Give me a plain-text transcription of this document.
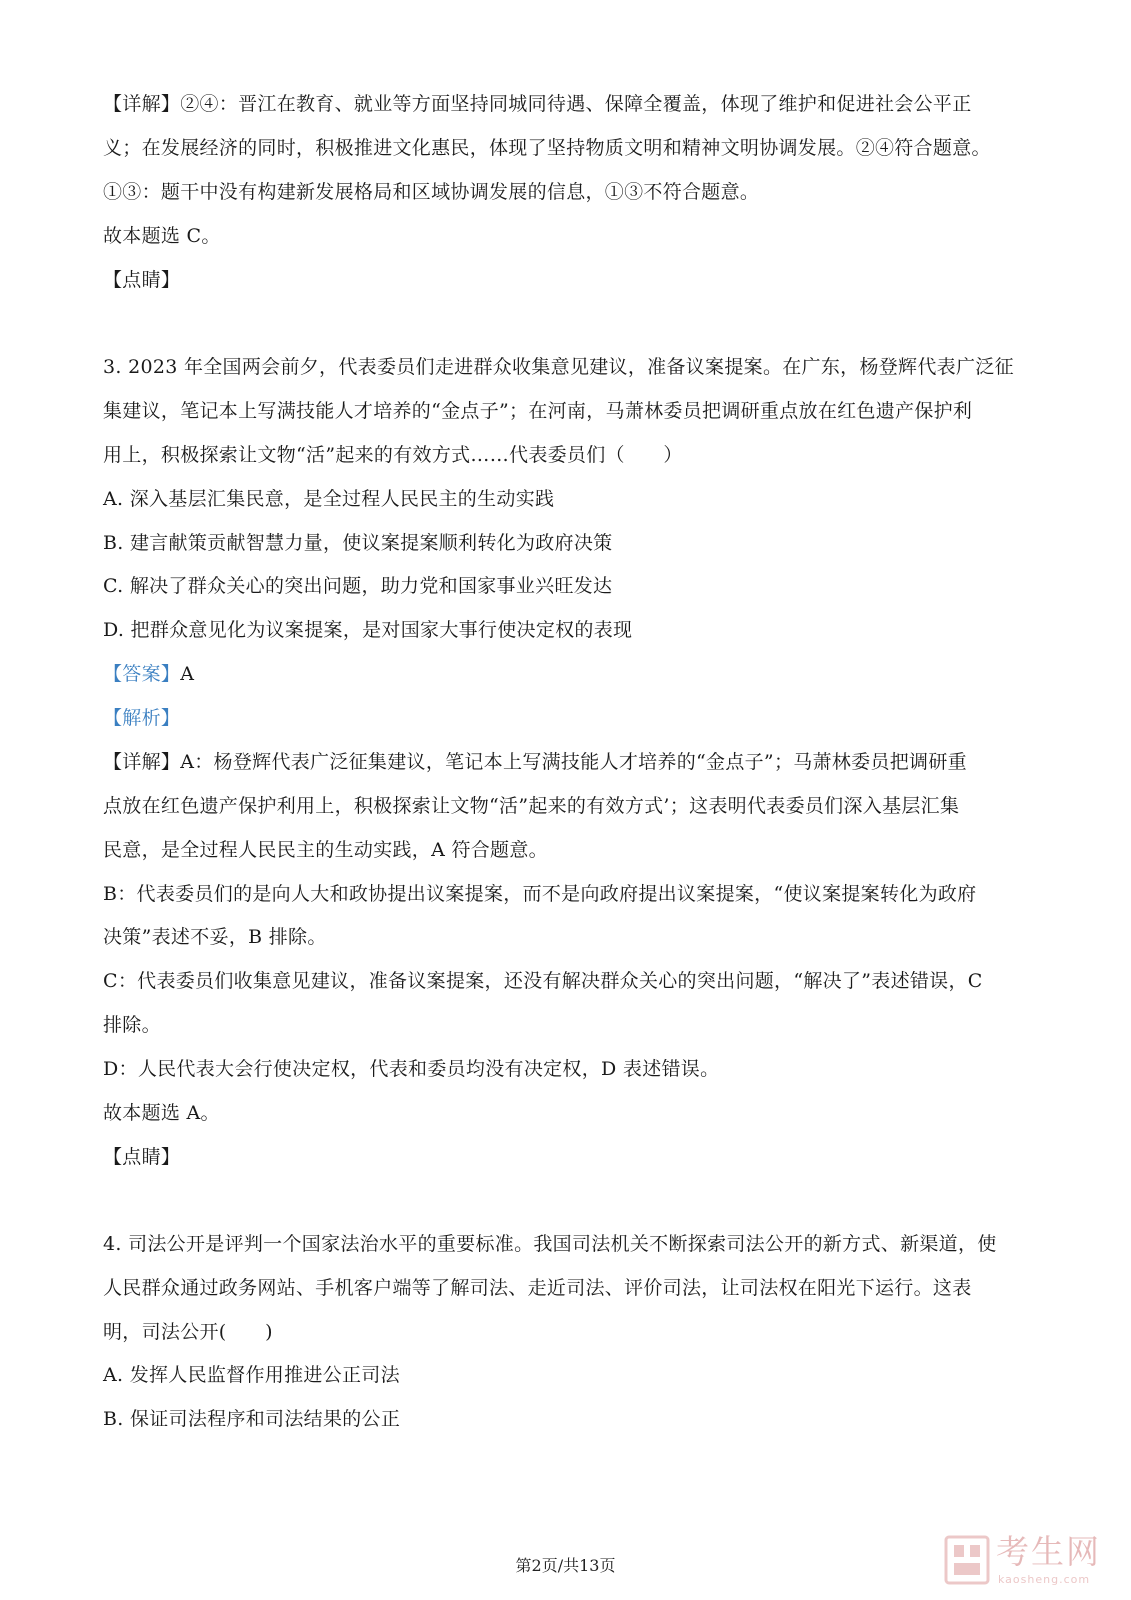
【详解】②④：晋江在教育、就业等方面坚持同城同待遇、保障全覆盖，体现了维护和促进社会公平正
义；在发展经济的同时，积极推进文化惠民，体现了坚持物质文明和精神文明协调发展。②④符合题意。
①③：题干中没有构建新发展格局和区域协调发展的信息，①③不符合题意。
故本题选 C。
【点睛】
3. 2023 年全国两会前夕，代表委员们走进群众收集意见建议，准备议案提案。在广东，杨登辉代表广泛征
集建议，笔记本上写满技能人才培养的“金点子”；在河南，马萧林委员把调研重点放在红色遗产保护利
用上，积极探索让文物“活”起来的有效方式……代表委员们（　　）
A. 深入基层汇集民意，是全过程人民民主的生动实践
B. 建言献策贡献智慧力量，使议案提案顺利转化为政府决策
C. 解决了群众关心的突出问题，助力党和国家事业兴旺发达
D. 把群众意见化为议案提案，是对国家大事行使决定权的表现
【答案】A
【解析】
【详解】A：杨登辉代表广泛征集建议，笔记本上写满技能人才培养的“金点子”；马萧林委员把调研重
点放在红色遗产保护利用上，积极探索让文物“活”起来的有效方式’；这表明代表委员们深入基层汇集
民意，是全过程人民民主的生动实践，A 符合题意。
B：代表委员们的是向人大和政协提出议案提案，而不是向政府提出议案提案，“使议案提案转化为政府
决策”表述不妥，B 排除。
C：代表委员们收集意见建议，准备议案提案，还没有解决群众关心的突出问题，“解决了”表述错误，C
排除。
D：人民代表大会行使决定权，代表和委员均没有决定权，D 表述错误。
故本题选 A。
【点睛】
4. 司法公开是评判一个国家法治水平的重要标准。我国司法机关不断探索司法公开的新方式、新渠道，使
人民群众通过政务网站、手机客户端等了解司法、走近司法、评价司法，让司法权在阳光下运行。这表
明，司法公开(　　)
A. 发挥人民监督作用推进公正司法
B. 保证司法程序和司法结果的公正
第2页/共13页	考生网
kaosheng.com
